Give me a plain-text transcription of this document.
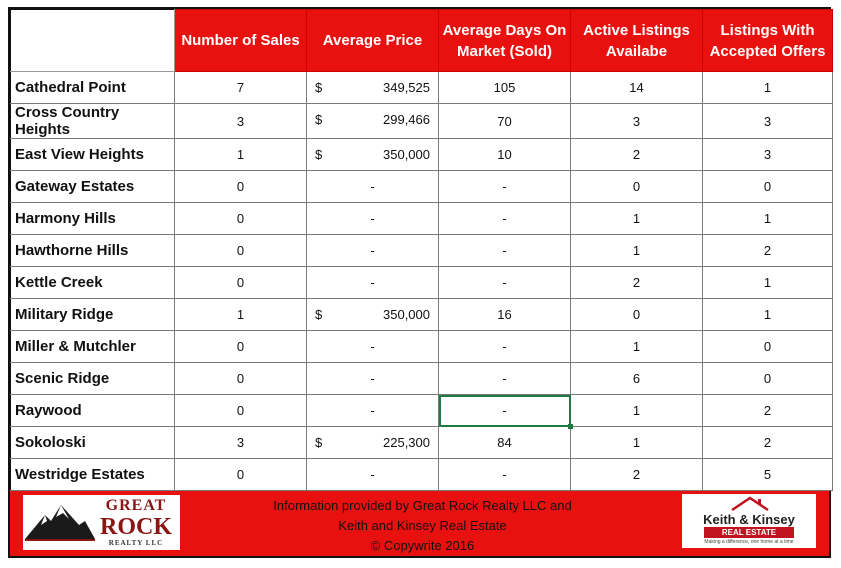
	Number of Sales	Average Price	Average Days On Market (Sold)	Active Listings Availabe	Listings With Accepted Offers
Cathedral Point	7	$ 349,525	105	14	1
Cross Country Heights	3	$ 299,466	70	3	3
East View Heights	1	$ 350,000	10	2	3
Gateway Estates	0	-	-	0	0
Harmony Hills	0	-	-	1	1
Hawthorne Hills	0	-	-	1	2
Kettle Creek	0	-	-	2	1
Military Ridge	1	$ 350,000	16	0	1
Miller & Mutchler	0	-	-	1	0
Scenic Ridge	0	-	-	6	0
Raywood	0	-	-	1	2
Sokoloski	3	$ 225,300	84	1	2
Westridge Estates	0	-	-	2	5
GREAT
ROCK
REALTY LLC
Information provided by Great Rock Realty LLC and
Keith and Kinsey Real Estate
© Copywrite 2016
Keith & Kinsey
REAL ESTATE
Making a difference, one home at a time
